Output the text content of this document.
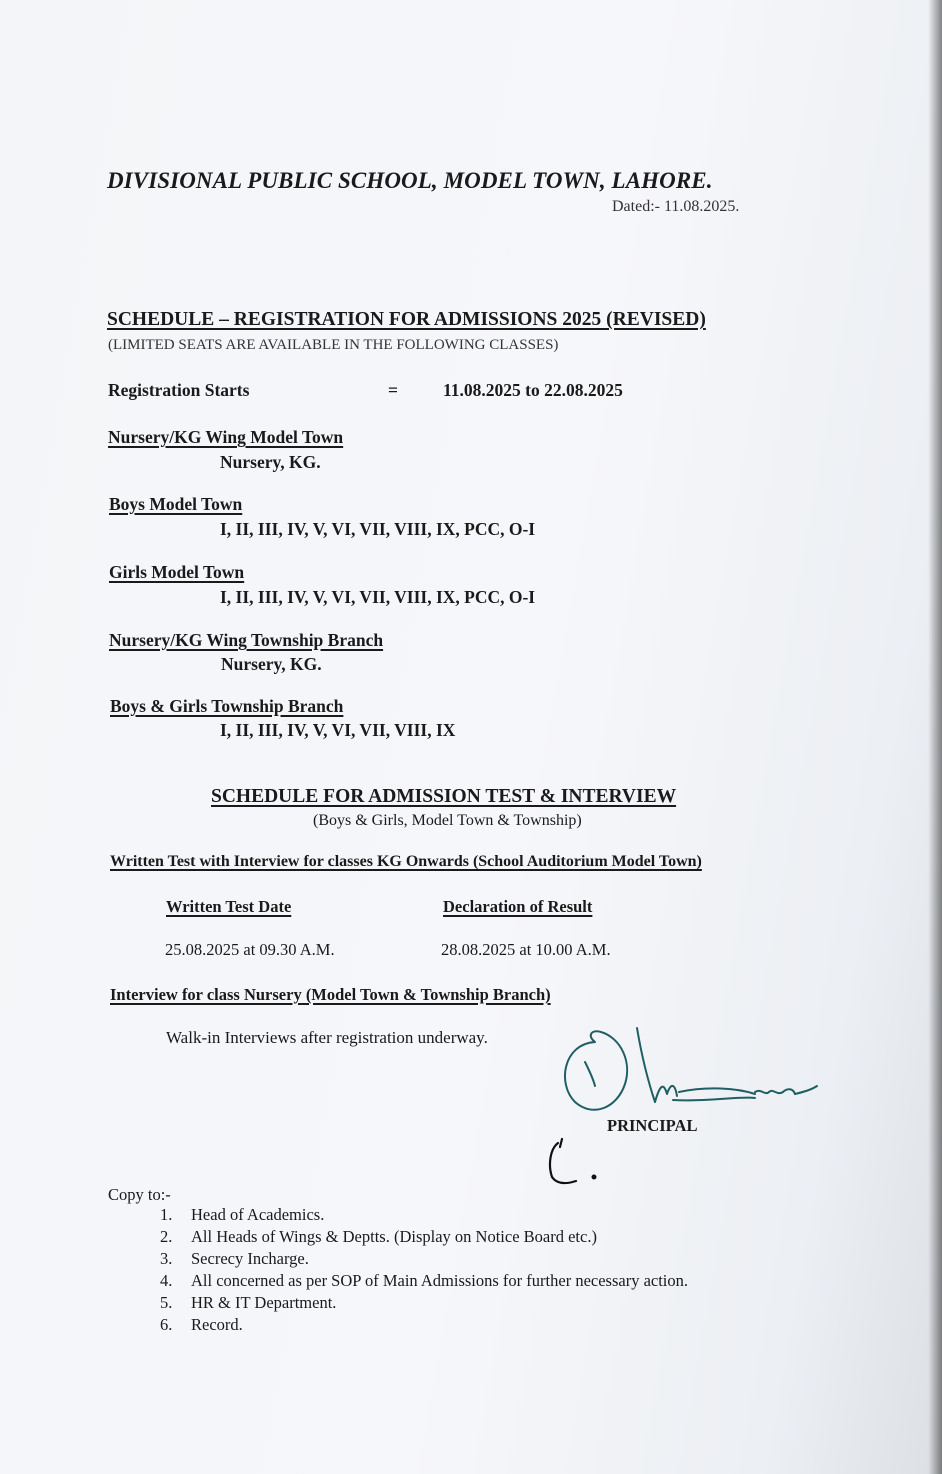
DIVISIONAL PUBLIC SCHOOL, MODEL TOWN, LAHORE.
Dated:- 11.08.2025.
SCHEDULE – REGISTRATION FOR ADMISSIONS 2025 (REVISED)
(LIMITED SEATS ARE AVAILABLE IN THE FOLLOWING CLASSES)
Registration Starts	=	11.08.2025 to 22.08.2025
Nursery/KG Wing Model Town
Nursery, KG.
Boys Model Town
I, II, III, IV, V, VI, VII, VIII, IX, PCC, O-I
Girls Model Town
I, II, III, IV, V, VI, VII, VIII, IX, PCC, O-I
Nursery/KG Wing Township Branch
Nursery, KG.
Boys & Girls Township Branch
I, II, III, IV, V, VI, VII, VIII, IX
SCHEDULE FOR ADMISSION TEST & INTERVIEW
(Boys & Girls, Model Town & Township)
Written Test with Interview for classes KG Onwards (School Auditorium Model Town)
Written Test Date	Declaration of Result
25.08.2025 at 09.30 A.M.	28.08.2025 at 10.00 A.M.
Interview for class Nursery (Model Town & Township Branch)
Walk-in Interviews after registration underway.
PRINCIPAL
Copy to:-
1. Head of Academics.
2. All Heads of Wings & Deptts. (Display on Notice Board etc.)
3. Secrecy Incharge.
4. All concerned as per SOP of Main Admissions for further necessary action.
5. HR & IT Department.
6. Record.
